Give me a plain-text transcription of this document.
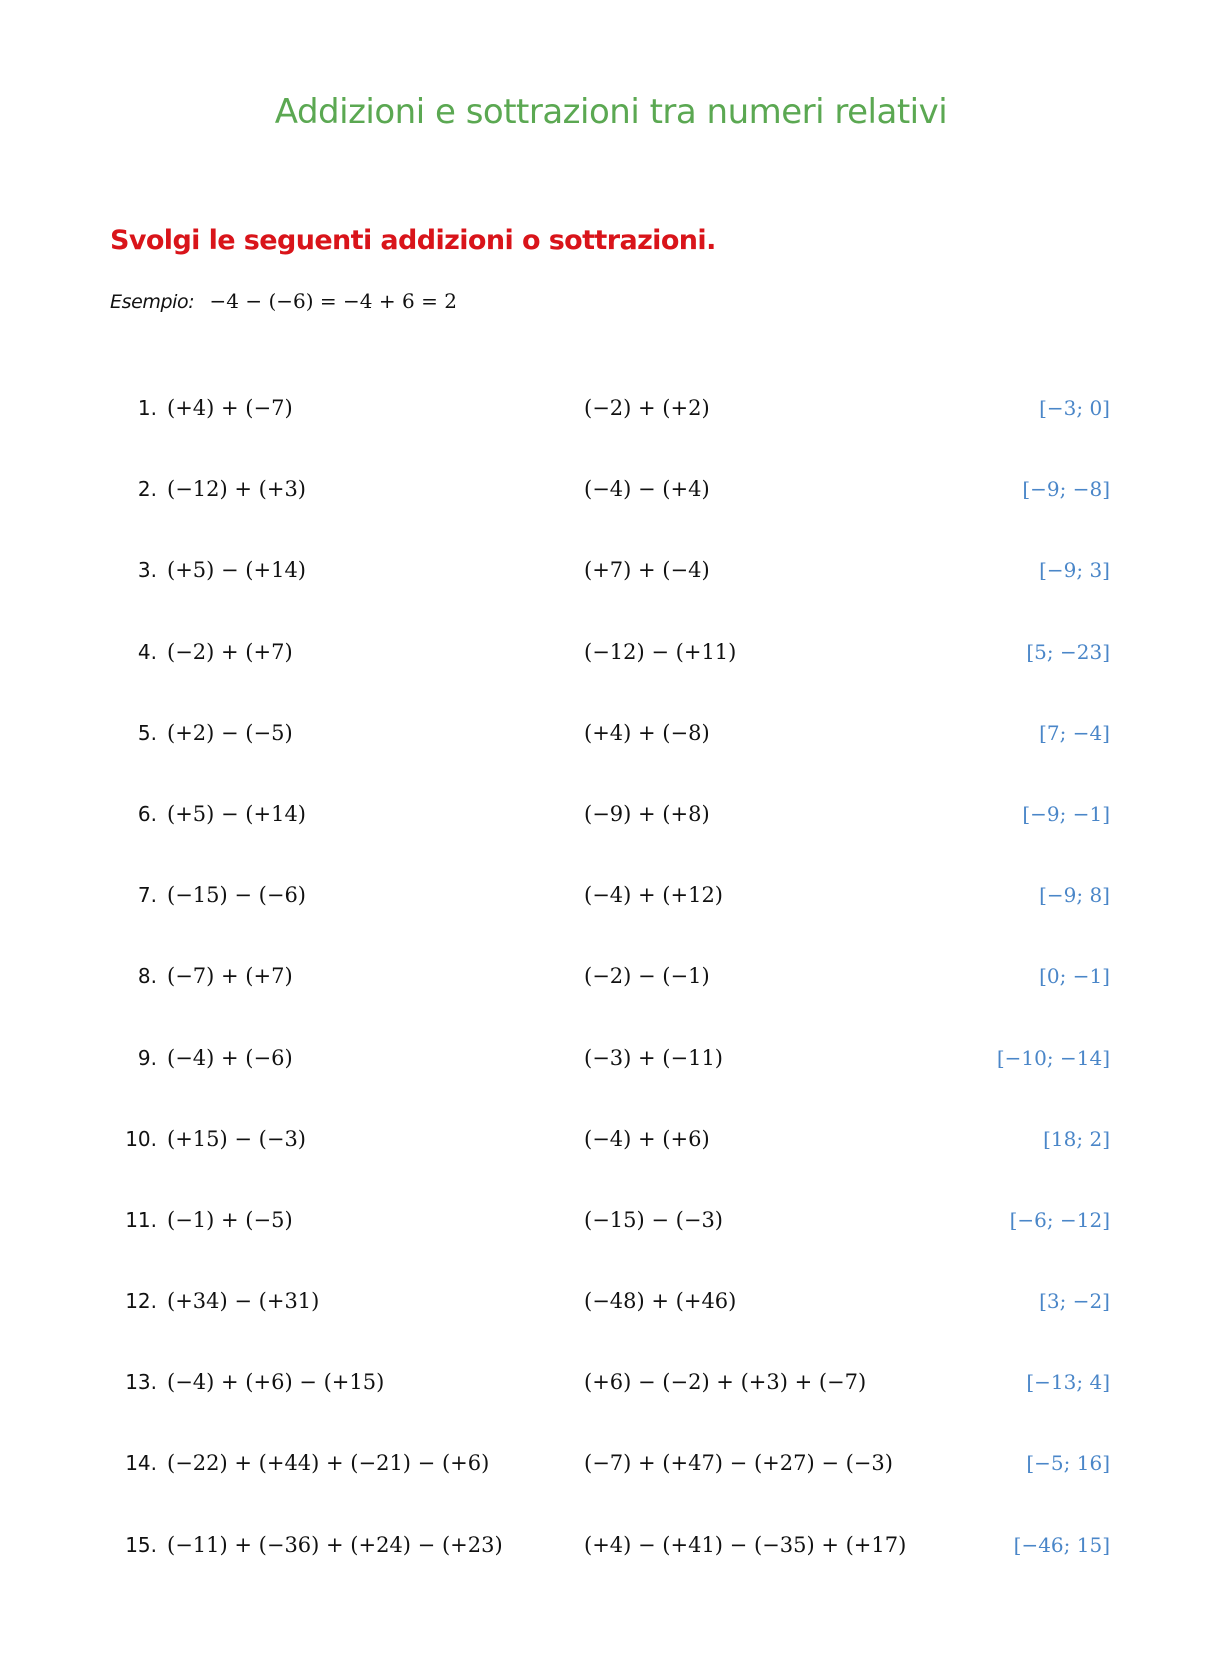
Addizioni e sottrazioni tra numeri relativi
Svolgi le seguenti addizioni o sottrazioni.
Esempio: −4 − (−6) = −4 + 6 = 2
1. (+4) + (−7)	(−2) + (+2)	[−3; 0]
2. (−12) + (+3)	(−4) − (+4)	[−9; −8]
3. (+5) − (+14)	(+7) + (−4)	[−9; 3]
4. (−2) + (+7)	(−12) − (+11)	[5; −23]
5. (+2) − (−5)	(+4) + (−8)	[7; −4]
6. (+5) − (+14)	(−9) + (+8)	[−9; −1]
7. (−15) − (−6)	(−4) + (+12)	[−9; 8]
8. (−7) + (+7)	(−2) − (−1)	[0; −1]
9. (−4) + (−6)	(−3) + (−11)	[−10; −14]
10. (+15) − (−3)	(−4) + (+6)	[18; 2]
11. (−1) + (−5)	(−15) − (−3)	[−6; −12]
12. (+34) − (+31)	(−48) + (+46)	[3; −2]
13. (−4) + (+6) − (+15)	(+6) − (−2) + (+3) + (−7)	[−13; 4]
14. (−22) + (+44) + (−21) − (+6)	(−7) + (+47) − (+27) − (−3)	[−5; 16]
15. (−11) + (−36) + (+24) − (+23)	(+4) − (+41) − (−35) + (+17)	[−46; 15]
